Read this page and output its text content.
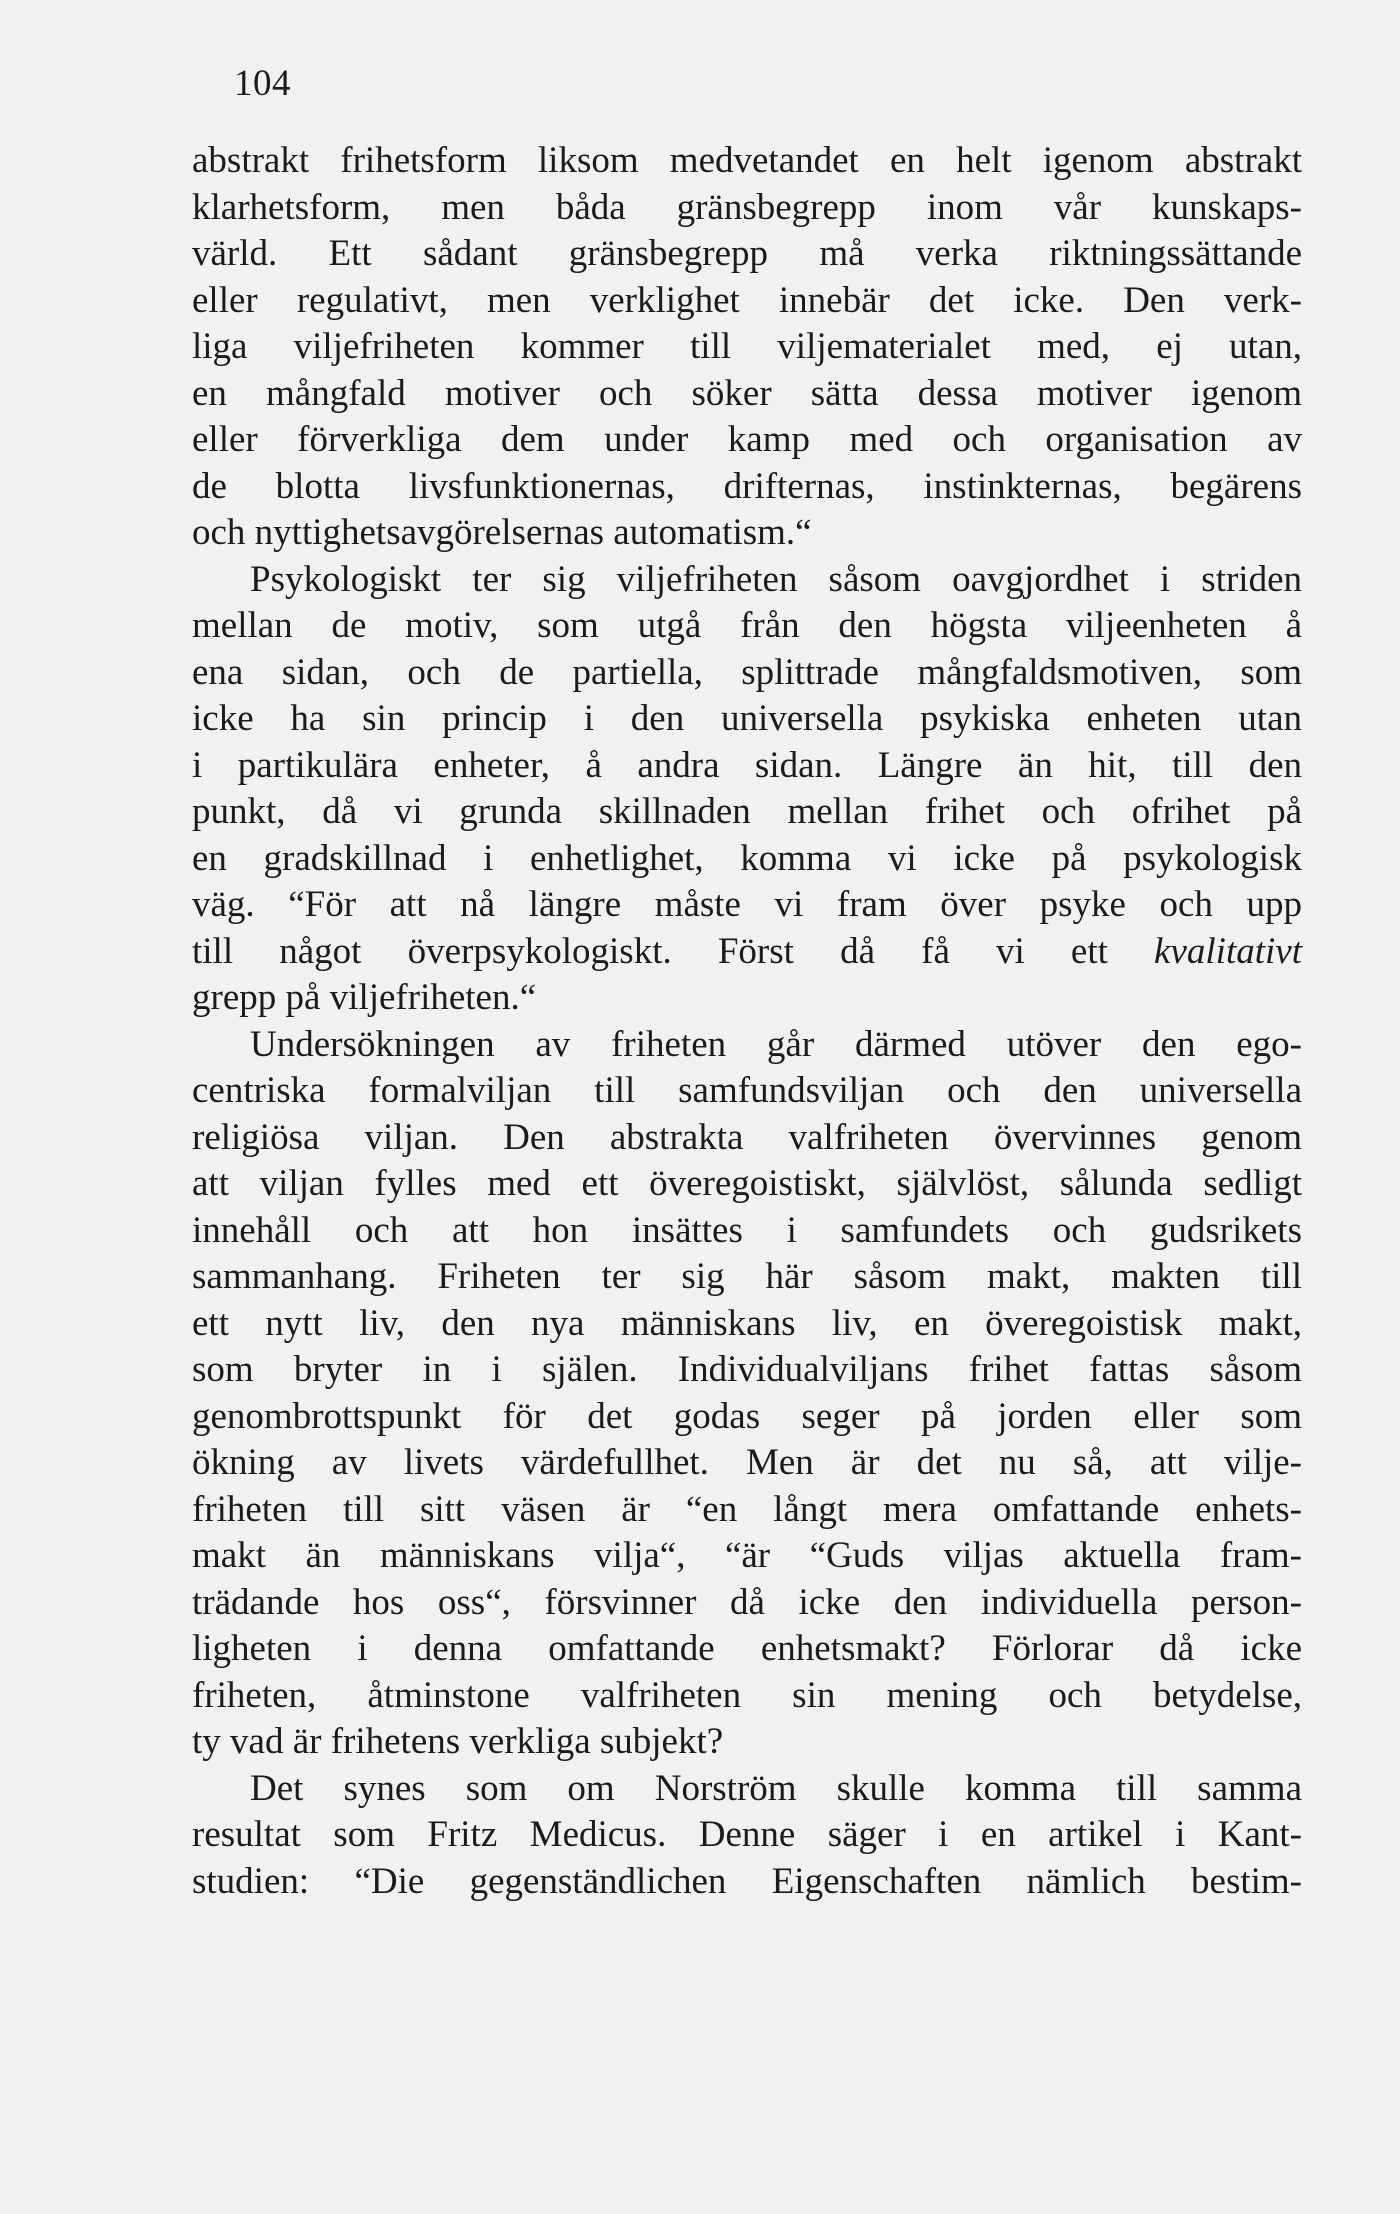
104
abstrakt frihetsform liksom medvetandet en helt igenom abstrakt
klarhetsform, men båda gränsbegrepp inom vår kunskaps-
värld. Ett sådant gränsbegrepp må verka riktningssättande
eller regulativt, men verklighet innebär det icke. Den verk-
liga viljefriheten kommer till viljematerialet med, ej utan,
en mångfald motiver och söker sätta dessa motiver igenom
eller förverkliga dem under kamp med och organisation av
de blotta livsfunktionernas, drifternas, instinkternas, begärens
och nyttighetsavgörelsernas automatism.“
Psykologiskt ter sig viljefriheten såsom oavgjordhet i striden
mellan de motiv, som utgå från den högsta viljeenheten å
ena sidan, och de partiella, splittrade mångfaldsmotiven, som
icke ha sin princip i den universella psykiska enheten utan
i partikulära enheter, å andra sidan. Längre än hit, till den
punkt, då vi grunda skillnaden mellan frihet och ofrihet på
en gradskillnad i enhetlighet, komma vi icke på psykologisk
väg. “För att nå längre måste vi fram över psyke och upp
till något överpsykologiskt. Först då få vi ett kvalitativt
grepp på viljefriheten.“
Undersökningen av friheten går därmed utöver den ego-
centriska formalviljan till samfundsviljan och den universella
religiösa viljan. Den abstrakta valfriheten övervinnes genom
att viljan fylles med ett överegoistiskt, självlöst, sålunda sedligt
innehåll och att hon insättes i samfundets och gudsrikets
sammanhang. Friheten ter sig här såsom makt, makten till
ett nytt liv, den nya människans liv, en överegoistisk makt,
som bryter in i själen. Individualviljans frihet fattas såsom
genombrottspunkt för det godas seger på jorden eller som
ökning av livets värdefullhet. Men är det nu så, att vilje-
friheten till sitt väsen är “en långt mera omfattande enhets-
makt än människans vilja“, “är “Guds viljas aktuella fram-
trädande hos oss“, försvinner då icke den individuella person-
ligheten i denna omfattande enhetsmakt? Förlorar då icke
friheten, åtminstone valfriheten sin mening och betydelse,
ty vad är frihetens verkliga subjekt?
Det synes som om Norström skulle komma till samma
resultat som Fritz Medicus. Denne säger i en artikel i Kant-
studien: “Die gegenständlichen Eigenschaften nämlich bestim-
